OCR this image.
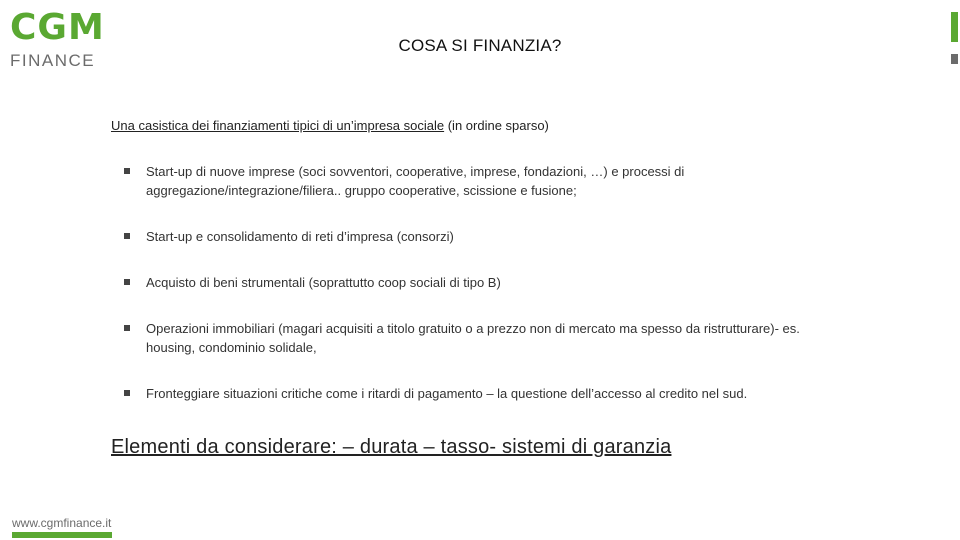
CGM
FINANCE
COSA SI FINANZIA?
Una casistica dei finanziamenti tipici di un’impresa sociale (in ordine sparso)
Start-up di nuove imprese (soci sovventori, cooperative, imprese, fondazioni, …) e processi di
aggregazione/integrazione/filiera.. gruppo cooperative, scissione e fusione;
Start-up e consolidamento di reti d’impresa (consorzi)
Acquisto di beni strumentali (soprattutto coop sociali di tipo B)
Operazioni immobiliari (magari acquisiti a titolo gratuito o a prezzo non di mercato ma spesso da ristrutturare)- es.
housing, condominio solidale,
Fronteggiare situazioni critiche come i ritardi di pagamento – la questione dell’accesso al credito nel sud.
Elementi da considerare: – durata – tasso- sistemi di garanzia
www.cgmfinance.it
